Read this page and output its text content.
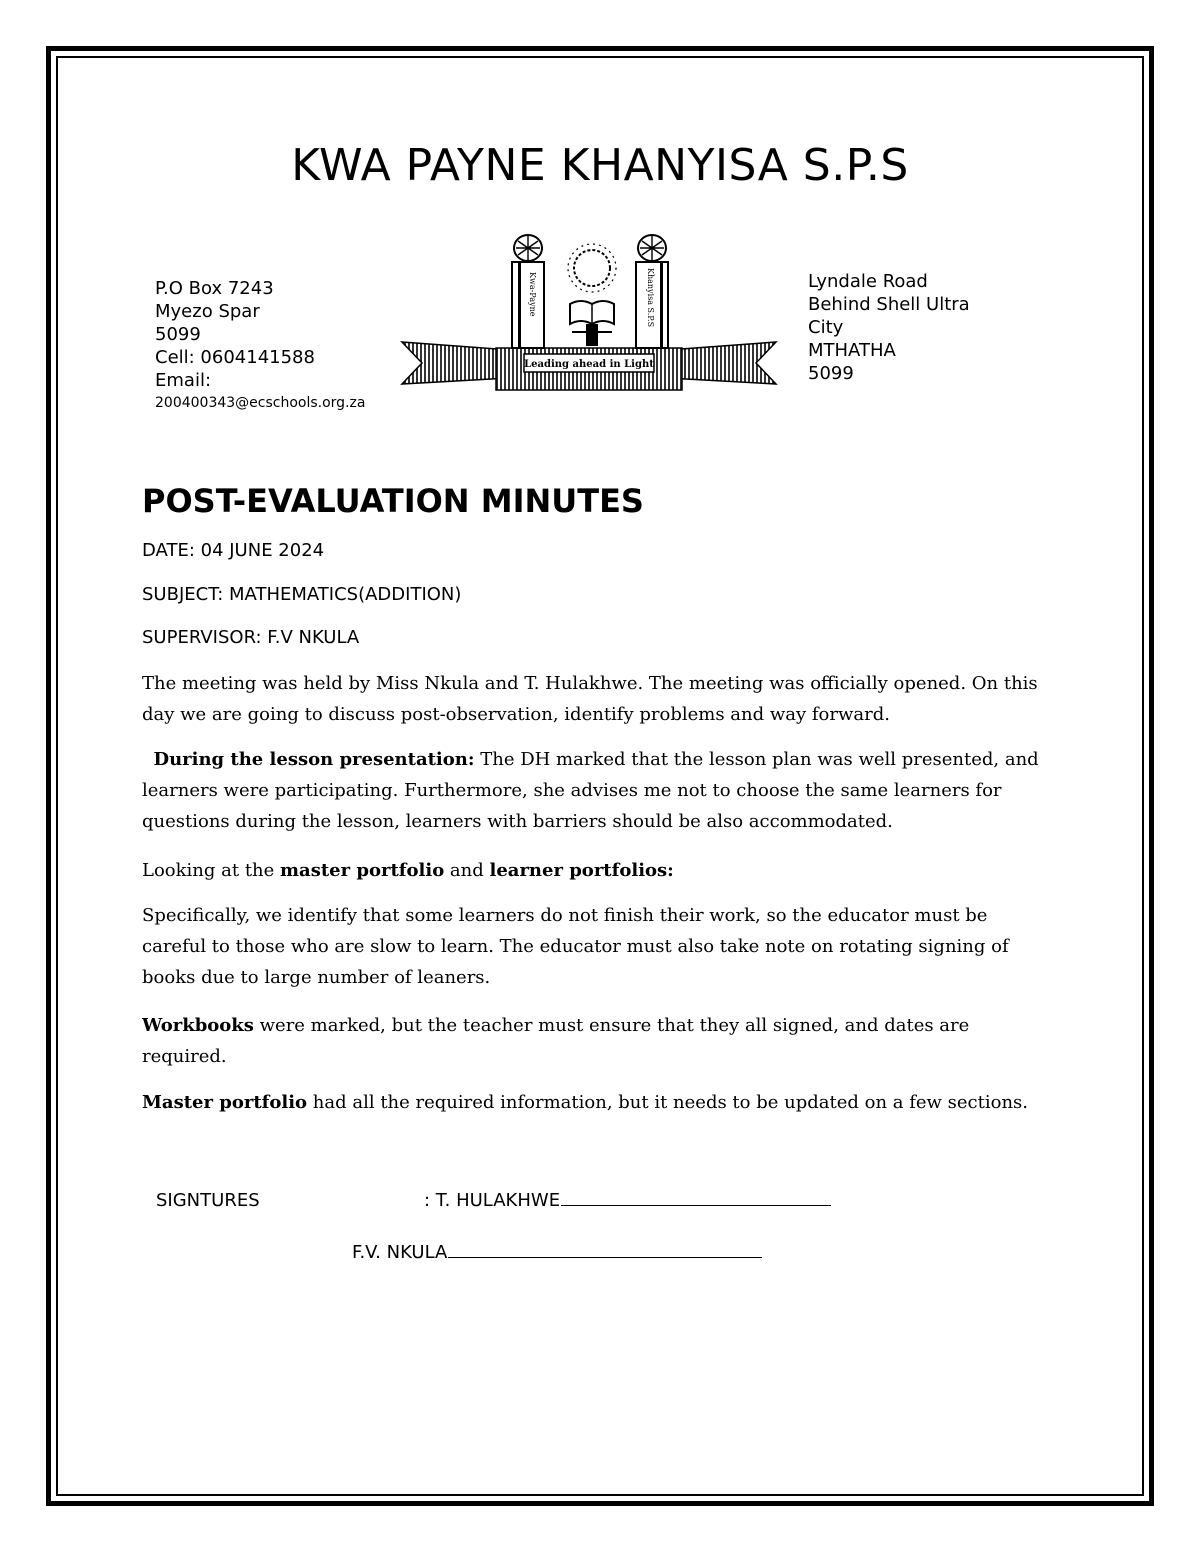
KWA PAYNE KHANYISA S.P.S
P.O Box 7243
Myezo Spar
5099
Cell: 0604141588
Email:
200400343@ecschools.org.za
Kwa-Payne	Khanyisa S.P.S
Leading ahead in Light
Lyndale Road
Behind Shell Ultra
City
MTHATHA
5099
POST-EVALUATION MINUTES
DATE: 04 JUNE 2024
SUBJECT: MATHEMATICS(ADDITION)
SUPERVISOR: F.V NKULA

The meeting was held by Miss Nkula and T. Hulakhwe. The meeting was officially opened. On this day we are going to discuss post-observation, identify problems and way forward.

During the lesson presentation: The DH marked that the lesson plan was well presented, and learners were participating. Furthermore, she advises me not to choose the same learners for questions during the lesson, learners with barriers should be also accommodated.

Looking at the master portfolio and learner portfolios:

Specifically, we identify that some learners do not finish their work, so the educator must be careful to those who are slow to learn. The educator must also take note on rotating signing of books due to large number of leaners.

Workbooks were marked, but the teacher must ensure that they all signed, and dates are required.

Master portfolio had all the required information, but it needs to be updated on a few sections.

SIGNTURES	: T. HULAKHWE
F.V. NKULA
